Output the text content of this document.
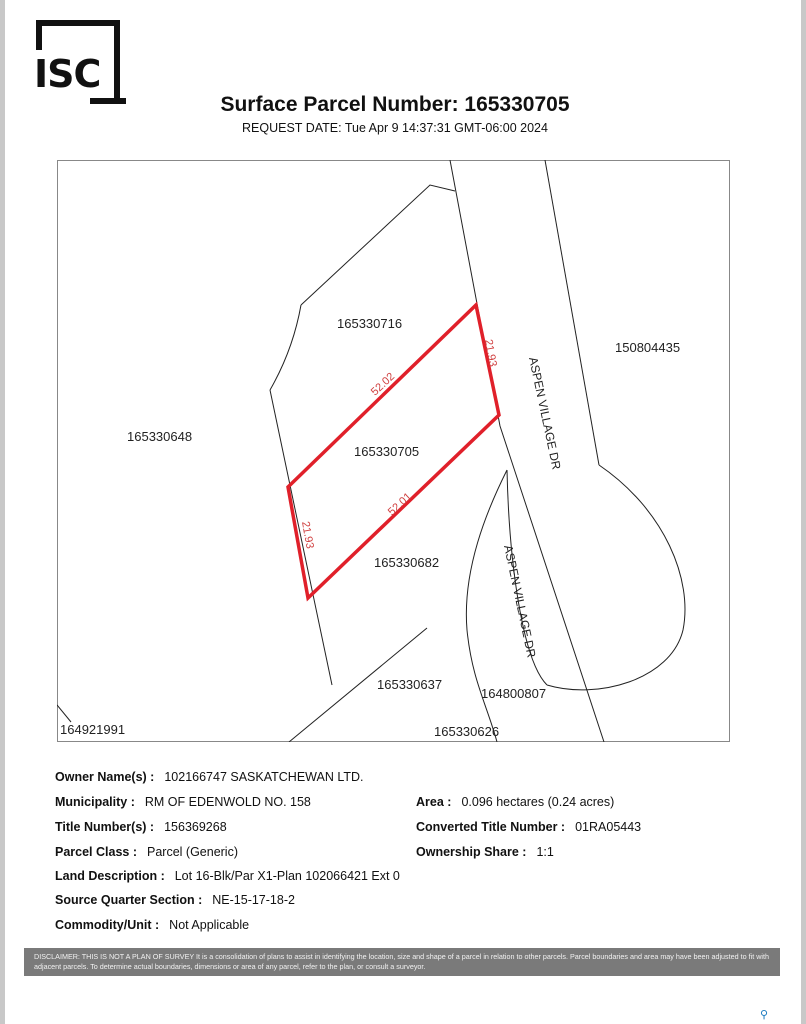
ISC
Surface Parcel Number: 165330705
REQUEST DATE: Tue Apr 9 14:37:31 GMT-06:00 2024
52.02
52.01
21.93
21.93
165330716
150804435
165330648
165330705
165330682
165330637
164800807
164921991	165330626
ASPEN VILLAGE DR
ASPEN VILLAGE DR
Owner Name(s) : 102166747 SASKATCHEWAN LTD.
Municipality : RM OF EDENWOLD NO. 158	Area : 0.096 hectares (0.24 acres)
Title Number(s) : 156369268	Converted Title Number : 01RA05443
Parcel Class : Parcel (Generic)	Ownership Share : 1:1
Land Description : Lot 16-Blk/Par X1-Plan 102066421 Ext 0
Source Quarter Section : NE-15-17-18-2
Commodity/Unit : Not Applicable
DISCLAIMER: THIS IS NOT A PLAN OF SURVEY It is a consolidation of plans to assist in identifying the location, size and shape of a parcel in relation to other parcels. Parcel boundaries and area may have been adjusted to fit with adjacent parcels. To determine actual boundaries, dimensions or area of any parcel, refer to the plan, or consult a surveyor.
⚲
